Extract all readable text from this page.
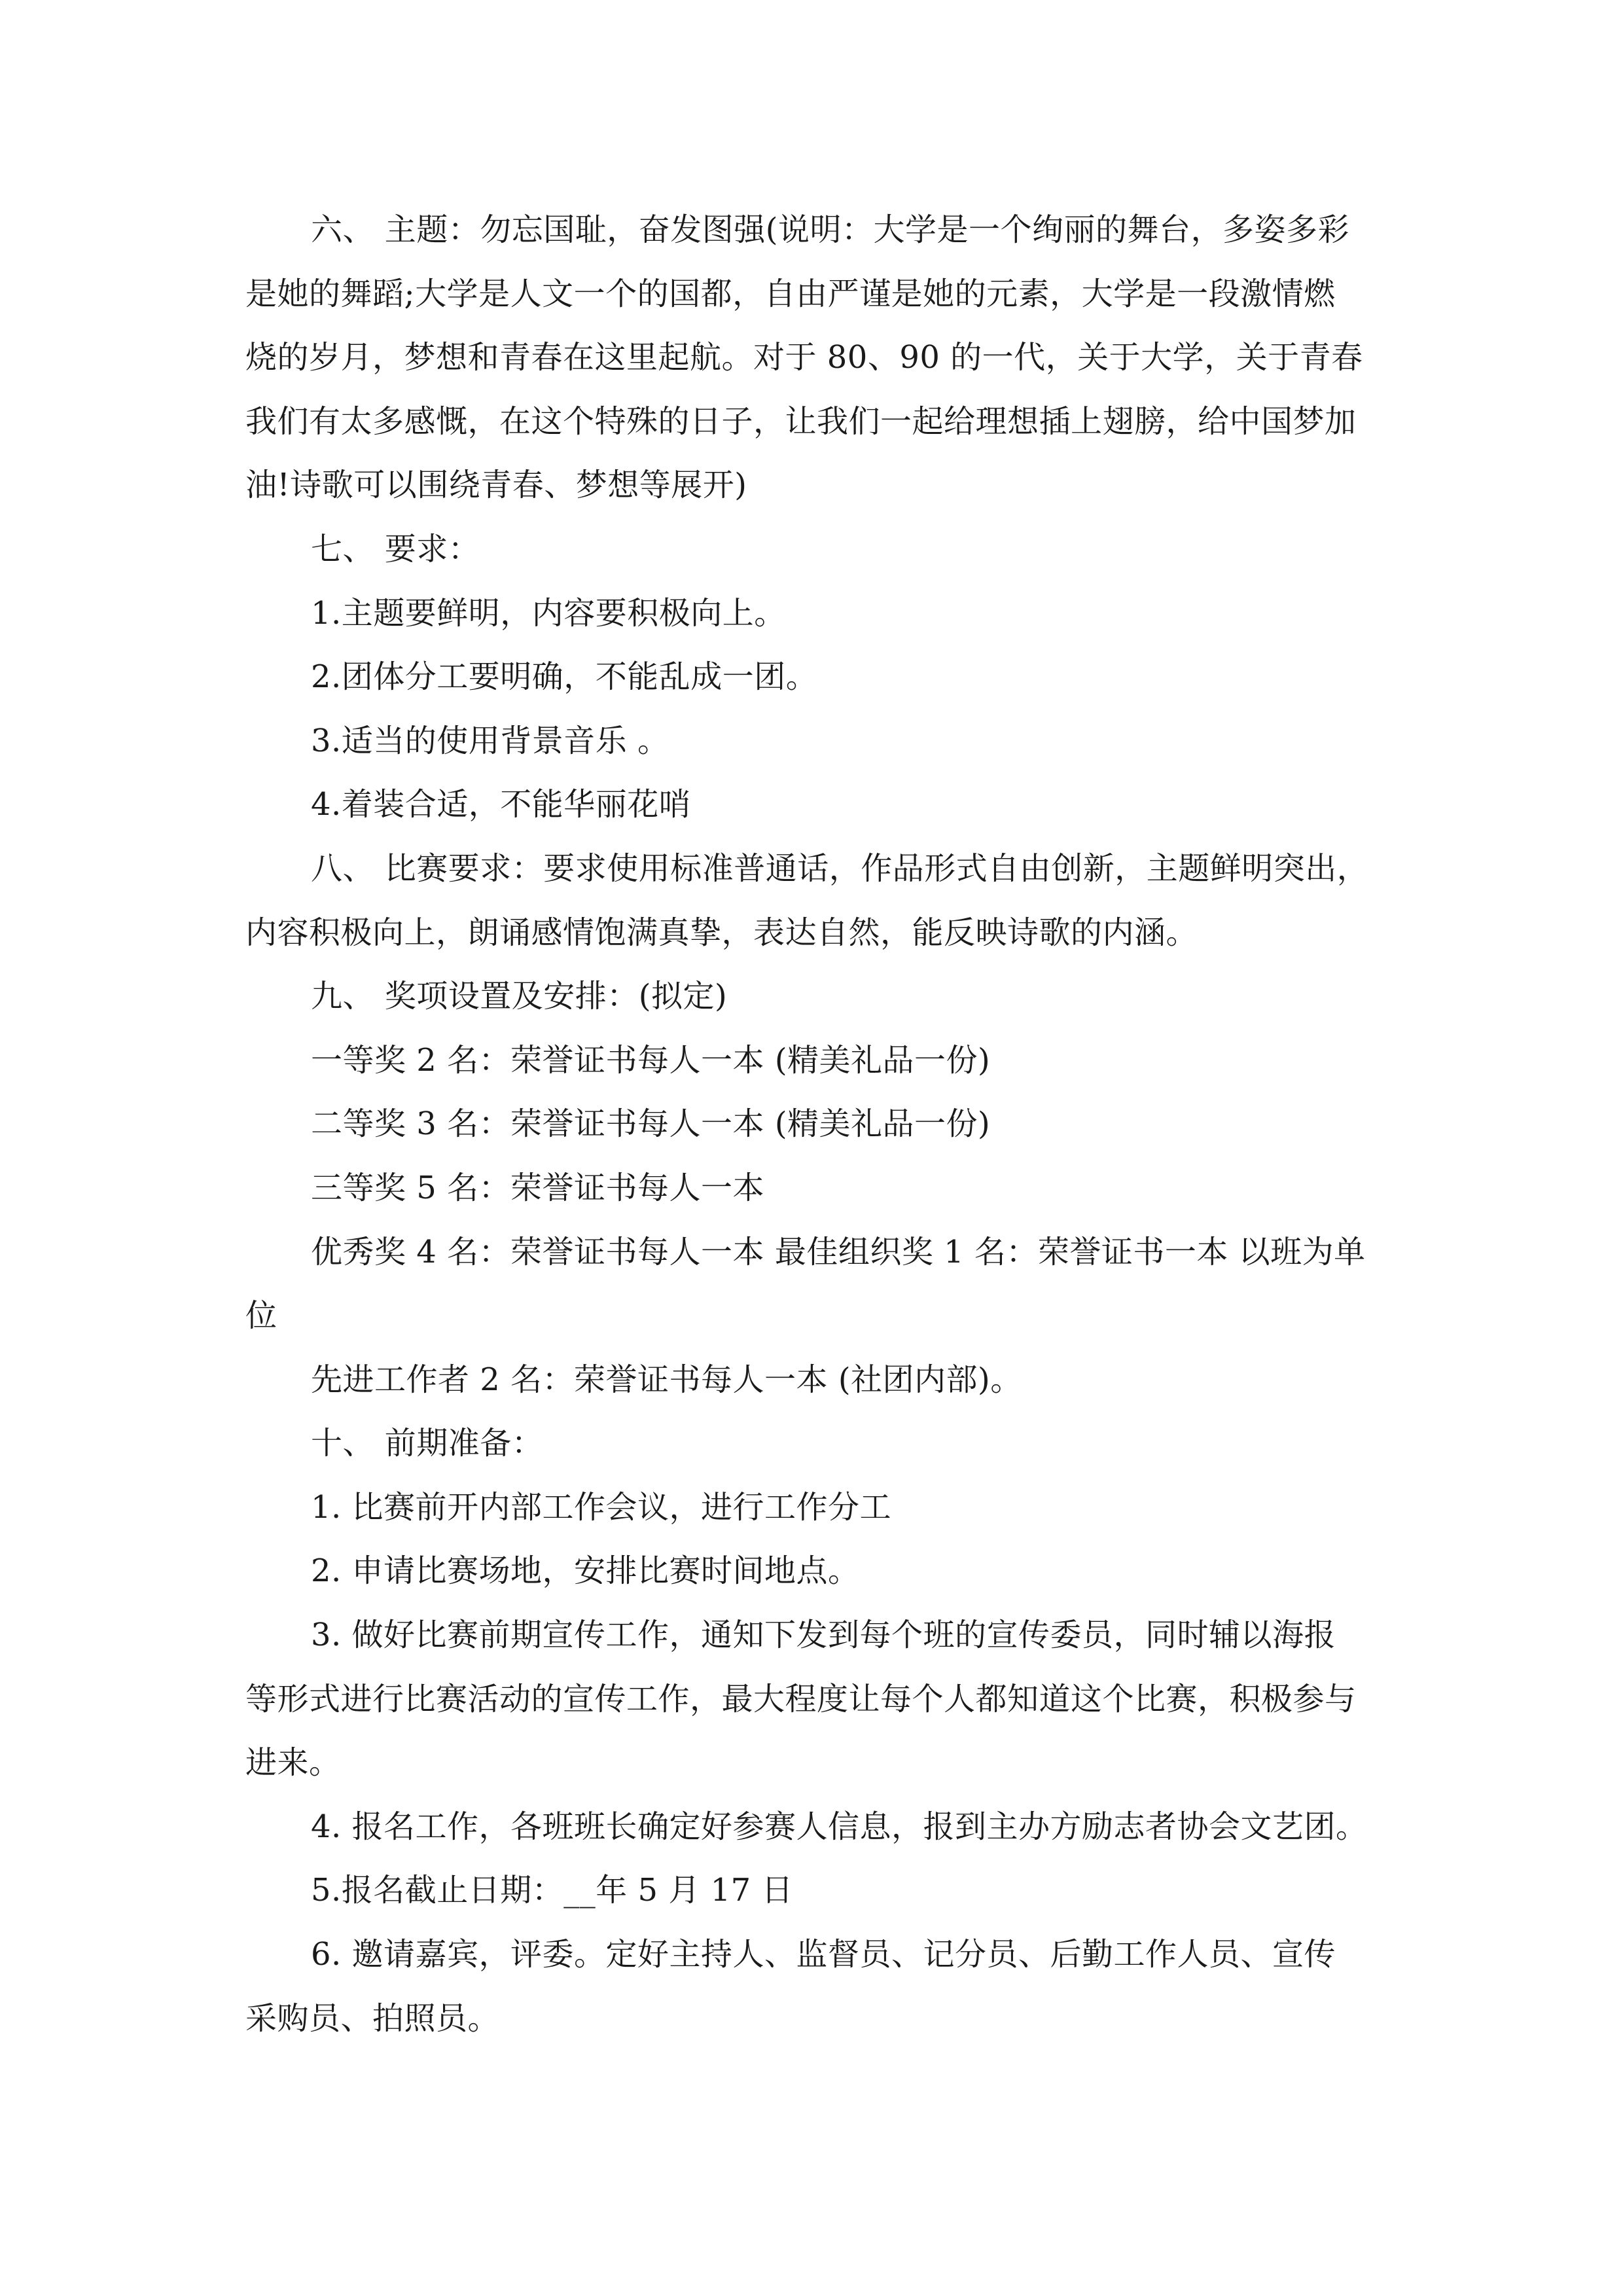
六、 主题：勿忘国耻，奋发图强(说明：大学是一个绚丽的舞台，多姿多彩
是她的舞蹈;大学是人文一个的国都，自由严谨是她的元素，大学是一段激情燃
烧的岁月，梦想和青春在这里起航。对于 80、90 的一代，关于大学，关于青春
我们有太多感慨，在这个特殊的日子，让我们一起给理想插上翅膀，给中国梦加
油!诗歌可以围绕青春、梦想等展开)
七、 要求：
1.主题要鲜明，内容要积极向上。
2.团体分工要明确，不能乱成一团。
3.适当的使用背景音乐 。
4.着装合适，不能华丽花哨
八、 比赛要求：要求使用标准普通话，作品形式自由创新，主题鲜明突出，
内容积极向上，朗诵感情饱满真挚，表达自然，能反映诗歌的内涵。
九、 奖项设置及安排：(拟定)
一等奖 2 名：荣誉证书每人一本 (精美礼品一份)
二等奖 3 名：荣誉证书每人一本 (精美礼品一份)
三等奖 5 名：荣誉证书每人一本
优秀奖 4 名：荣誉证书每人一本 最佳组织奖 1 名：荣誉证书一本 以班为单
位
先进工作者 2 名：荣誉证书每人一本 (社团内部)。
十、 前期准备：
1. 比赛前开内部工作会议，进行工作分工
2. 申请比赛场地，安排比赛时间地点。
3. 做好比赛前期宣传工作，通知下发到每个班的宣传委员，同时辅以海报
等形式进行比赛活动的宣传工作，最大程度让每个人都知道这个比赛，积极参与
进来。
4. 报名工作，各班班长确定好参赛人信息，报到主办方励志者协会文艺团。
5.报名截止日期：__年 5 月 17 日
6. 邀请嘉宾，评委。定好主持人、监督员、记分员、后勤工作人员、宣传
采购员、拍照员。
